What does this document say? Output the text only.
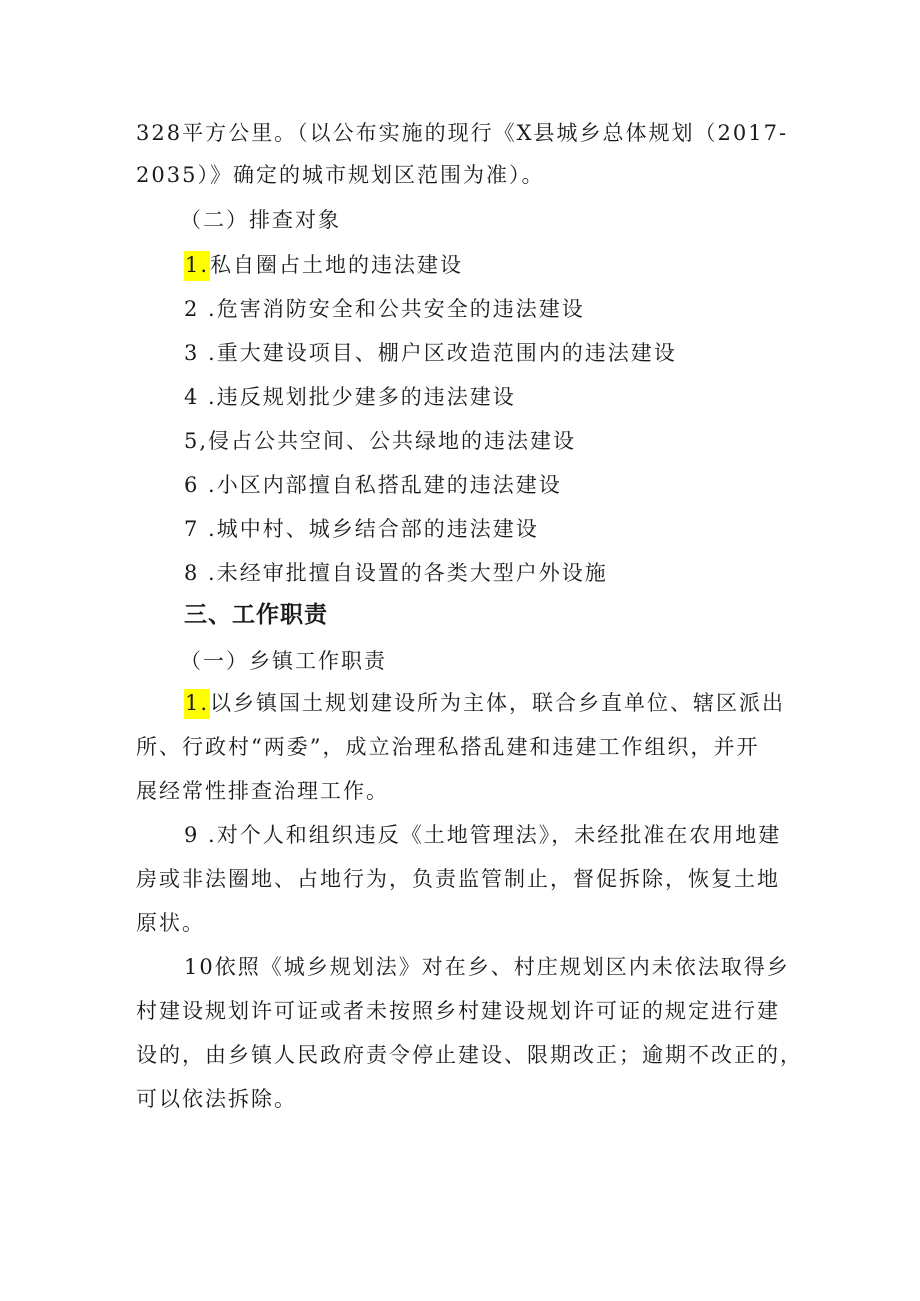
328平方公里。（以公布实施的现行《X县城乡总体规划（2017-
2035）》确定的城市规划区范围为准）。
（二）排查对象
1.私自圈占土地的违法建设
2 .危害消防安全和公共安全的违法建设
3 .重大建设项目、棚户区改造范围内的违法建设
4 .违反规划批少建多的违法建设
5,侵占公共空间、公共绿地的违法建设
6 .小区内部擅自私搭乱建的违法建设
7 .城中村、城乡结合部的违法建设
8 .未经审批擅自设置的各类大型户外设施
三、工作职责
（一）乡镇工作职责
1.以乡镇国土规划建设所为主体，联合乡直单位、辖区派出
所、行政村“两委”，成立治理私搭乱建和违建工作组织，并开
展经常性排查治理工作。
9 .对个人和组织违反《土地管理法》，未经批准在农用地建
房或非法圈地、占地行为，负责监管制止，督促拆除，恢复土地
原状。
10依照《城乡规划法》对在乡、村庄规划区内未依法取得乡
村建设规划许可证或者未按照乡村建设规划许可证的规定进行建
设的，由乡镇人民政府责令停止建设、限期改正；逾期不改正的，
可以依法拆除。
